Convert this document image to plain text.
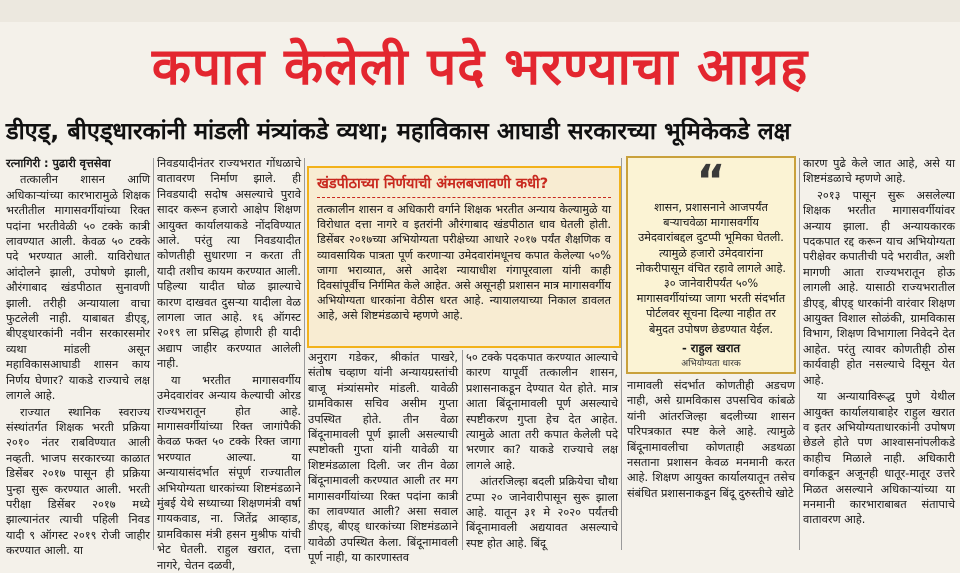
कपात केलेली पदे भरण्याचा आग्रह
डीएड्, बीएड्धारकांनी मांडली मंत्र्यांकडे व्यथा; महाविकास आघाडी सरकारच्या भूमिकेकडे लक्ष

रत्नागिरी : पुढारी वृत्तसेवा

तत्कालीन शासन आणि अधिकाऱ्यांच्या कारभारामुळे शिक्षक भरतीतील मागासवर्गीयांच्या रिक्त पदांना भरतीवेळी ५० टक्के कात्री लावण्यात आली. केवळ ५० टक्के पदे भरण्यात आली. याविरोधात आंदोलने झाली, उपोषणे झाली, औरंगाबाद खंडपीठात सुनावणी झाली. तरीही अन्यायाला वाचा फुटलेली नाही. याबाबत डीएड्, बीएड्धारकांनी नवीन सरकारसमोर व्यथा मांडली असून महाविकासआघाडी शासन काय निर्णय घेणार? याकडे राज्याचे लक्ष लागले आहे.

राज्यात स्थानिक स्वराज्य संस्थांतर्गत शिक्षक भरती प्रक्रिया २०१० नंतर राबविण्यात आली नव्हती. भाजप सरकारच्या काळात डिसेंबर २०१७ पासून ही प्रक्रिया पुन्हा सुरू करण्यात आली. भरती परीक्षा डिसेंबर २०१७ मध्ये झाल्यानंतर त्याची पहिली निवड यादी ९ ऑगस्ट २०१९ रोजी जाहीर करण्यात आली. या

निवडयादीनंतर राज्यभरात गोंधळाचे वातावरण निर्माण झाले. ही निवडयादी सदोष असल्याचे पुरावे सादर करून हजारो आक्षेप शिक्षण आयुक्त कार्यालयाकडे नोंदविण्यात आले. परंतु त्या निवडयादीत कोणतीही सुधारणा न करता ती यादी तशीच कायम करण्यात आली. पहिल्या यादीत घोळ झाल्याचे कारण दाखवत दुसऱ्या यादीला वेळ लागला जात आहे. १६ ऑगस्ट २०१९ ला प्रसिद्ध होणारी ही यादी अद्याप जाहीर करण्यात आलेली नाही.

या भरतीत मागासवर्गीय उमेदवारांवर अन्याय केल्याची ओरड राज्यभरातून होत आहे. मागासवर्गीयांच्या रिक्त जागांपैकी केवळ फक्त ५० टक्के रिक्त जागा भरण्यात आल्या. या अन्यायासंदर्भात संपूर्ण राज्यातील अभियोग्यता धारकांच्या शिष्टमंडळाने मुंबई येथे सध्याच्या शिक्षणमंत्री वर्षा गायकवाड, ना. जितेंद्र आव्हाड, ग्रामविकास मंत्री हसन मुश्रीफ यांची भेट घेतली. राहुल खरात, दत्ता नागरे, चेतन दळवी,

खंडपीठाच्या निर्णयाची अंमलबजावणी कधी?
तत्कालीन शासन व अधिकारी वर्गाने शिक्षक भरतीत अन्याय केल्यामुळे या विरोधात दत्ता नागरे व इतरांनी औरंगाबाद खंडपीठात धाव घेतली होती. डिसेंबर २०१७च्या अभियोग्यता परीक्षेच्या आधारे २०१७ पर्यंत शैक्षणिक व व्यावसायिक पात्रता पूर्ण करणाऱ्या उमेदवारांमधूनच कपात केलेल्या ५०% जागा भराव्यात, असे आदेश न्यायाधीश गंगापूरवाला यांनी काही दिवसांपूर्वीच निर्गमित केले आहेत. असे असूनही प्रशासन मात्र मागासवर्गीय अभियोग्यता धारकांना वेठीस धरत आहे. न्यायालयाच्या निकाल डावलत आहे, असे शिष्टमंडळाचे म्हणणे आहे.

अनुराग गडेकर, श्रीकांत पाखरे, संतोष चव्हाण यांनी अन्यायग्रस्तांची बाजू मंत्र्यांसमोर मांडली. यावेळी ग्रामविकास सचिव असीम गुप्ता उपस्थित होते. तीन वेळा बिंदूनामावली पूर्ण झाली असल्याची स्पष्टोक्ती गुप्ता यांनी यावेळी या शिष्टमंडळाला दिली. जर तीन वेळा बिंदूनामावली करण्यात आली तर मग मागासवर्गीयांच्या रिक्त पदांना कात्री का लावण्यात आली? असा सवाल डीएड्, बीएड् धारकांच्या शिष्टमंडळाने यावेळी उपस्थित केला. बिंदूनामावली पूर्ण नाही, या कारणास्तव

५० टक्के पदकपात करण्यात आल्याचे कारण यापूर्वी तत्कालीन शासन, प्रशासनाकडून देण्यात येत होते. मात्र आता बिंदूनामावली पूर्ण असल्याचे स्पष्टीकरण गुप्ता हेच देत आहेत. त्यामुळे आता तरी कपात केलेली पदे भरणार का? याकडे राज्याचे लक्ष लागले आहे.

आंतरजिल्हा बदली प्रक्रियेचा चौथा टप्पा २० जानेवारीपासून सुरू झाला आहे. यातून ३१ मे २०२० पर्यंतची बिंदूनामावली अद्ययावत असल्याचे स्पष्ट होत आहे. बिंदू

“
शासन, प्रशासनाने आजपर्यंत बऱ्याचवेळा मागासवर्गीय उमेदवारांबद्दल दुटप्पी भूमिका घेतली. त्यामुळे हजारो उमेदवारांना नोकरीपासून वंचित रहावे लागले आहे. ३० जानेवारीपर्यंत ५०% मागासवर्गीयांच्या जागा भरती संदर्भात पोर्टलवर सूचना दिल्या नाहीत तर बेमुदत उपोषण छेडण्यात येईल.
- राहुल खरात
अभियोग्यता धारक

नामावली संदर्भात कोणतीही अडचण नाही, असे ग्रामविकास उपसचिव कांबळे यांनी आंतरजिल्हा बदलीच्या शासन परिपत्रकात स्पष्ट केले आहे. त्यामुळे बिंदूनामावलीचा कोणताही अडथळा नसताना प्रशासन केवळ मनमानी करत आहे. शिक्षण आयुक्त कार्यालयातून तसेच संबंधित प्रशासनाकडून बिंदू दुरुस्तीचे खोटे

कारण पुढे केले जात आहे, असे या शिष्टमंडळाचे म्हणणे आहे.

२०१३ पासून सुरू असलेल्या शिक्षक भरतीत मागासवर्गीयांवर अन्याय झाला. ही अन्यायकारक पदकपात रद्द करून याच अभियोग्यता परीक्षेवर कपातीची पदे भरावीत, अशी मागणी आता राज्यभरातून होऊ लागली आहे. यासाठी राज्यभरातील डीएड्, बीएड् धारकांनी वारंवार शिक्षण आयुक्त विशाल सोळंकी, ग्रामविकास विभाग, शिक्षण विभागाला निवेदने देत आहेत. परंतु त्यावर कोणतीही ठोस कार्यवाही होत नसल्याचे दिसून येत आहे.

या अन्यायाविरूद्ध पुणे येथील आयुक्त कार्यालयाबाहेर राहुल खरात व इतर अभियोग्यताधारकांनी उपोषण छेडले होते पण आश्वासनांपलीकडे काहीच मिळाले नाही. अधिकारी वर्गाकडून अजूनही धातूर-मातूर उत्तरे मिळत असल्याने अधिकाऱ्यांच्या या मनमानी कारभाराबाबत संतापाचे वातावरण आहे.
